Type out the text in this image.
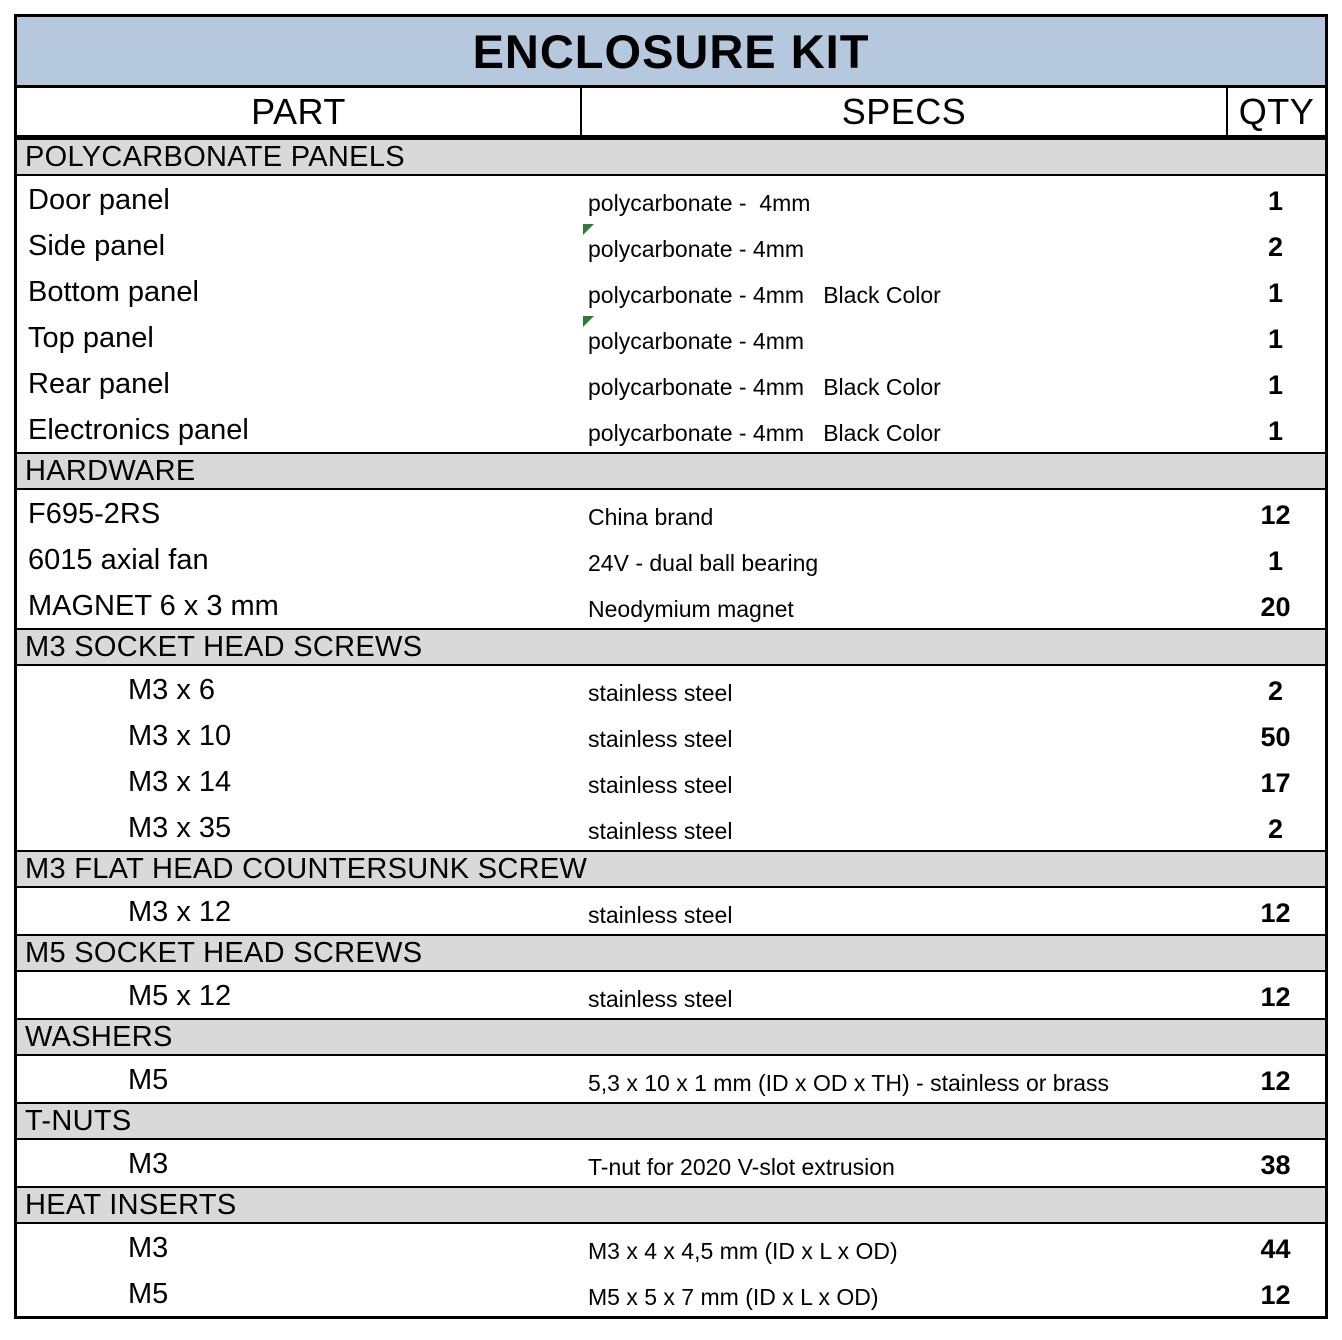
ENCLOSURE KIT
PART	SPECS	QTY
POLYCARBONATE PANELS
Door panel	polycarbonate -  4mm	1
Side panel	polycarbonate - 4mm	2
Bottom panel	polycarbonate - 4mm   Black Color	1
Top panel	polycarbonate - 4mm	1
Rear panel	polycarbonate - 4mm   Black Color	1
Electronics panel	polycarbonate - 4mm   Black Color	1
HARDWARE
F695-2RS	China brand	12
6015 axial fan	24V - dual ball bearing	1
MAGNET 6 x 3 mm	Neodymium magnet	20
M3 SOCKET HEAD SCREWS
M3 x 6	stainless steel	2
M3 x 10	stainless steel	50
M3 x 14	stainless steel	17
M3 x 35	stainless steel	2
M3 FLAT HEAD COUNTERSUNK SCREW
M3 x 12	stainless steel	12
M5 SOCKET HEAD SCREWS
M5 x 12	stainless steel	12
WASHERS
M5	5,3 x 10 x 1 mm (ID x OD x TH) - stainless or brass	12
T-NUTS
M3	T-nut for 2020 V-slot extrusion	38
HEAT INSERTS
M3	M3 x 4 x 4,5 mm (ID x L x OD)	44
M5	M5 x 5 x 7 mm (ID x L x OD)	12
